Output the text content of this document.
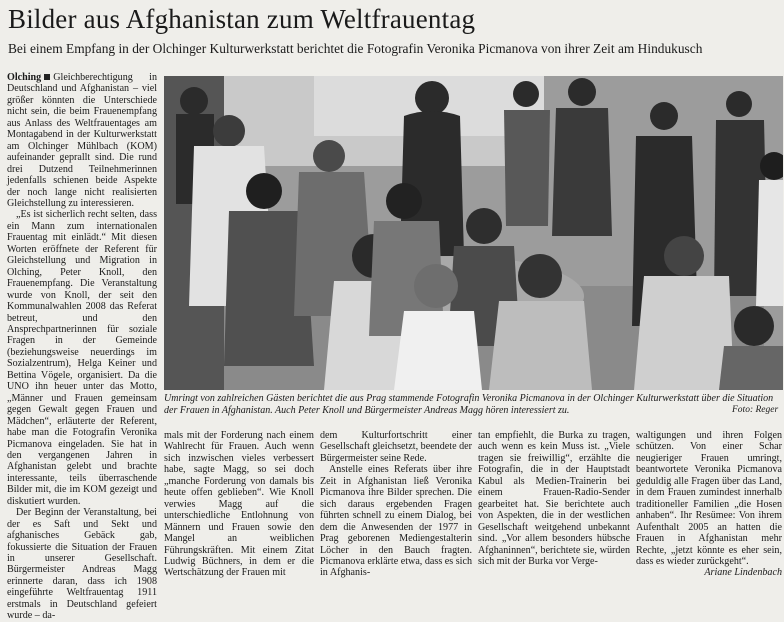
Bilder aus Afghanistan zum Weltfrauentag
Bei einem Empfang in der Olchinger Kulturwerkstatt berichtet die Fotografin Veronika Picmanova von ihrer Zeit am Hindukusch

Olching Gleichberechtigung in Deutschland und Afghanistan – viel größer könnten die Unterschiede nicht sein, die beim Frauenempfang aus Anlass des Weltfrauentages am Montagabend in der Kulturwerkstatt am Olchinger Mühlbach (KOM) aufeinander geprallt sind. Die rund drei Dutzend Teilnehmerinnen jedenfalls schienen beide Aspekte der noch lange nicht realisierten Gleichstellung zu interessieren.

„Es ist sicherlich recht selten, dass ein Mann zum internationalen Frauentag mit einlädt.“ Mit diesen Worten eröffnete der Referent für Gleichstellung und Migration in Olching, Peter Knoll, den Frauenempfang. Die Veranstaltung wurde von Knoll, der seit den Kommunalwahlen 2008 das Referat betreut, und den Ansprechpartnerinnen für soziale Fragen in der Gemeinde (beziehungsweise neuerdings im Sozialzentrum), Helga Keiner und Bettina Vögele, organisiert. Da die UNO ihn heuer unter das Motto, „Männer und Frauen gemeinsam gegen Gewalt gegen Frauen und Mädchen“, erläuterte der Referent, habe man die Fotografin Veronika Picmanova eingeladen. Sie hat in den vergangenen Jahren in Afghanistan gelebt und brachte interessante, teils überraschende Bilder mit, die im KOM gezeigt und diskutiert wurden.

Der Beginn der Veranstaltung, bei der es Saft und Sekt und afghanisches Gebäck gab, fokussierte die Situation der Frauen in unserer Gesellschaft. Bürgermeister Andreas Magg erinnerte daran, dass ich 1908 eingeführte Weltfrauentag 1911 erstmals in Deutschland gefeiert wurde – da-

Umringt von zahlreichen Gästen berichtet die aus Prag stammende Fotografin Veronika Picmanova in der Olchinger Kulturwerkstatt über die Situation der Frauen in Afghanistan. Auch Peter Knoll und Bürgermeister Andreas Magg hören interessiert zu.	Foto: Reger

mals mit der Forderung nach einem Wahlrecht für Frauen. Auch wenn sich inzwischen vieles verbessert habe, sagte Magg, so sei doch „manche Forderung von damals bis heute offen geblieben“. Wie Knoll verwies Magg auf die unterschiedliche Entlohnung von Männern und Frauen sowie den Mangel an weiblichen Führungskräften. Mit einem Zitat Ludwig Büchners, in dem er die Wertschätzung der Frauen mit

dem Kulturfortschritt einer Gesellschaft gleichsetzt, beendete der Bürgermeister seine Rede.

Anstelle eines Referats über ihre Zeit in Afghanistan ließ Veronika Picmanova ihre Bilder sprechen. Die sich daraus ergebenden Fragen führten schnell zu einem Dialog, bei dem die Anwesenden der 1977 in Prag geborenen Mediengestalterin Löcher in den Bauch fragten. Picmanova erklärte etwa, dass es sich in Afghanis-

tan empfiehlt, die Burka zu tragen, auch wenn es kein Muss ist. „Viele tragen sie freiwillig“, erzählte die Fotografin, die in der Hauptstadt Kabul als Medien-Trainerin bei einem Frauen-Radio-Sender gearbeitet hat. Sie berichtete auch von Aspekten, die in der westlichen Gesellschaft weitgehend unbekannt sind. „Vor allem besonders hübsche Afghaninnen“, berichtete sie, würden sich mit der Burka vor Verge-

waltigungen und ihren Folgen schützen. Von einer Schar neugieriger Frauen umringt, beantwortete Veronika Picmanova geduldig alle Fragen über das Land, in dem Frauen zumindest innerhalb traditioneller Familien „die Hosen anhaben“. Ihr Resümee: Von ihrem Aufenthalt 2005 an hatten die Frauen in Afghanistan mehr Rechte, „jetzt könnte es eher sein, dass es wieder zurückgeht“.

Ariane Lindenbach
